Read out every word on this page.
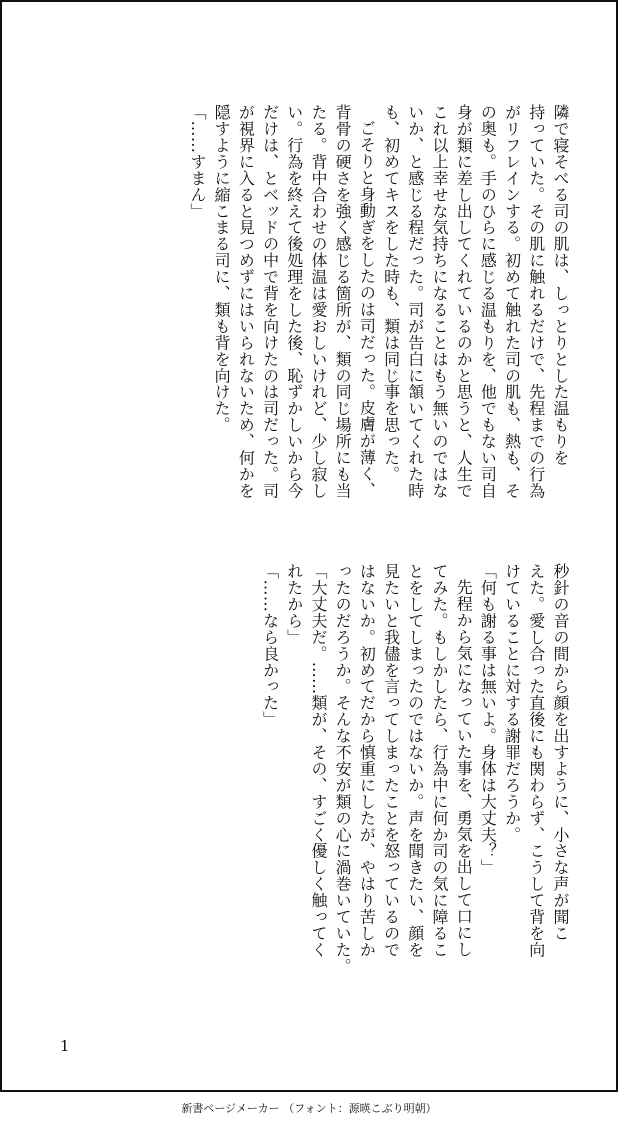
隣で寝そべる司の肌は、しっとりとした温もりを

持っていた。その肌に触れるだけで、先程までの行為

がリフレインする。初めて触れた司の肌も、熱も、そ

の奥も。手のひらに感じる温もりを、他でもない司自

身が類に差し出してくれているのかと思うと、人生で

これ以上幸せな気持ちになることはもう無いのではな

いか、と感じる程だった。司が告白に頷いてくれた時

も、初めてキスをした時も、類は同じ事を思った。

ごそりと身動ぎをしたのは司だった。皮膚が薄く、

背骨の硬さを強く感じる箇所が、類の同じ場所にも当

たる。背中合わせの体温は愛おしいけれど、少し寂し

い。行為を終えて後処理をした後、恥ずかしいから今

だけは、とベッドの中で背を向けたのは司だった。司

が視界に入ると見つめずにはいられないため、何かを

隠すように縮こまる司に、類も背を向けた。

「……すまん」

秒針の音の間から顔を出すように、小さな声が聞こ

えた。愛し合った直後にも関わらず、こうして背を向

けていることに対する謝罪だろうか。

「何も謝る事は無いよ。身体は大丈夫？」

先程から気になっていた事を、勇気を出して口にし

てみた。もしかしたら、行為中に何か司の気に障るこ

とをしてしまったのではないか。声を聞きたい、顔を

見たいと我儘を言ってしまったことを怒っているので

はないか。初めてだから慎重にしたが、やはり苦しか

ったのだろうか。そんな不安が類の心に渦巻いていた。

「大丈夫だ。……類が、その、すごく優しく触ってく

れたから」

「……なら良かった」

1
新書ページメーカー （フォント：源暎こぶり明朝）
